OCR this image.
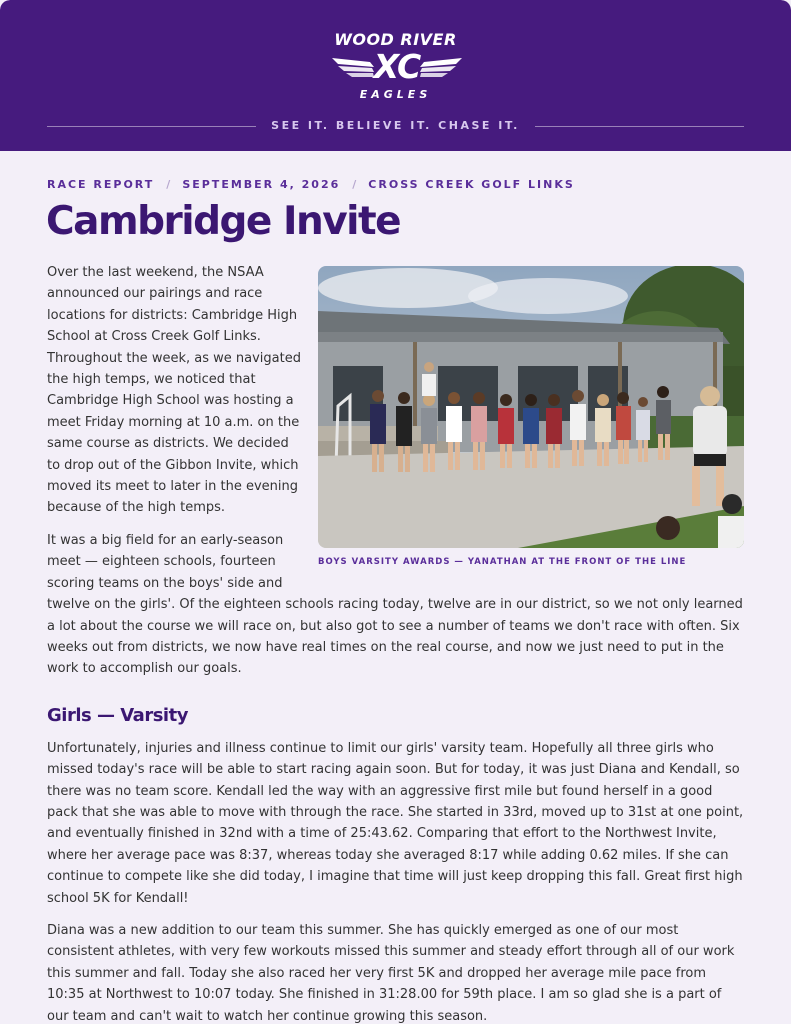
WOOD RIVER
XC
EAGLES
SEE IT. BELIEVE IT. CHASE IT.
RACE REPORT / SEPTEMBER 4, 2026 / CROSS CREEK GOLF LINKS
Cambridge Invite
BOYS VARSITY AWARDS — YANATHAN AT THE FRONT OF THE LINE

Over the last weekend, the NSAA announced our pairings and race locations for districts: Cambridge High School at Cross Creek Golf Links. Throughout the week, as we navigated the high temps, we noticed that Cambridge High School was hosting a meet Friday morning at 10 a.m. on the same course as districts. We decided to drop out of the Gibbon Invite, which moved its meet to later in the evening because of the high temps.

It was a big field for an early-season meet — eighteen schools, fourteen scoring teams on the boys' side and twelve on the girls'. Of the eighteen schools racing today, twelve are in our district, so we not only learned a lot about the course we will race on, but also got to see a number of teams we don't race with often. Six weeks out from districts, we now have real times on the real course, and now we just need to put in the work to accomplish our goals.

Girls — Varsity

Unfortunately, injuries and illness continue to limit our girls' varsity team. Hopefully all three girls who missed today's race will be able to start racing again soon. But for today, it was just Diana and Kendall, so there was no team score. Kendall led the way with an aggressive first mile but found herself in a good pack that she was able to move with through the race. She started in 33rd, moved up to 31st at one point, and eventually finished in 32nd with a time of 25:43.62. Comparing that effort to the Northwest Invite, where her average pace was 8:37, whereas today she averaged 8:17 while adding 0.62 miles. If she can continue to compete like she did today, I imagine that time will just keep dropping this fall. Great first high school 5K for Kendall!

Diana was a new addition to our team this summer. She has quickly emerged as one of our most consistent athletes, with very few workouts missed this summer and steady effort through all of our work this summer and fall. Today she also raced her very first 5K and dropped her average mile pace from 10:35 at Northwest to 10:07 today. She finished in 31:28.00 for 59th place. I am so glad she is a part of our team and can't wait to watch her continue growing this season.
